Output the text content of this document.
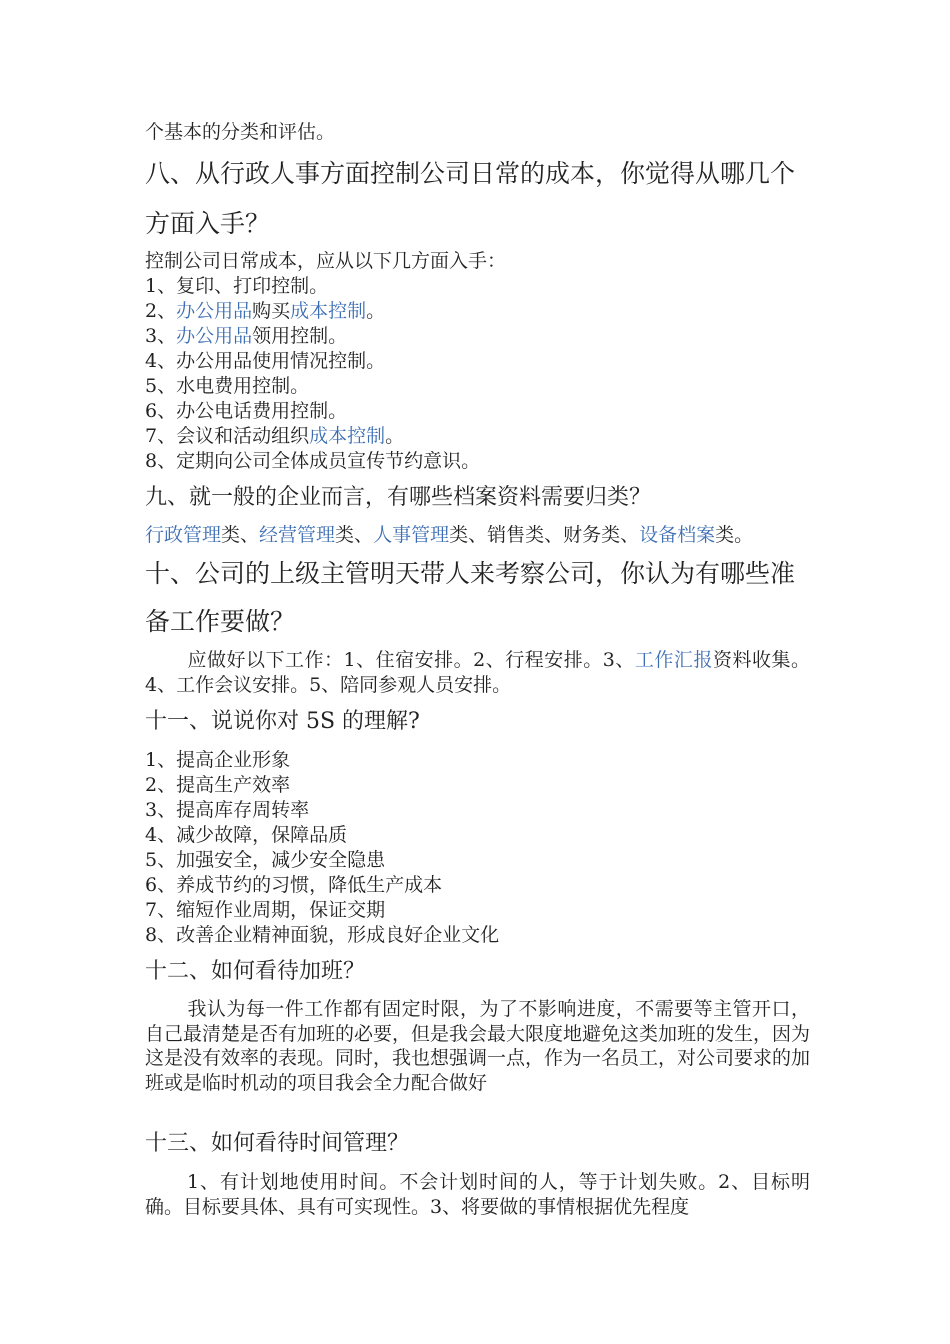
个基本的分类和评估。
八、从行政人事方面控制公司日常的成本，你觉得从哪几个
方面入手？
控制公司日常成本，应从以下几方面入手：
1、复印、打印控制。
2、办公用品购买成本控制。
3、办公用品领用控制。
4、办公用品使用情况控制。
5、水电费用控制。
6、办公电话费用控制。
7、会议和活动组织成本控制。
8、定期向公司全体成员宣传节约意识。
九、就一般的企业而言，有哪些档案资料需要归类？
行政管理类、经营管理类、人事管理类、销售类、财务类、设备档案类。
十、公司的上级主管明天带人来考察公司，你认为有哪些准
备工作要做？
应做好以下工作：1、住宿安排。2、行程安排。3、工作汇报资料收集。4、工作会议安排。5、陪同参观人员安排。
十一、说说你对 5S 的理解?
1、提高企业形象
2、提高生产效率
3、提高库存周转率
4、减少故障，保障品质
5、加强安全，减少安全隐患
6、养成节约的习惯，降低生产成本
7、缩短作业周期，保证交期
8、改善企业精神面貌，形成良好企业文化
十二、如何看待加班？
我认为每一件工作都有固定时限，为了不影响进度，不需要等主管开口，自己最清楚是否有加班的必要，但是我会最大限度地避免这类加班的发生，因为这是没有效率的表现。同时，我也想强调一点，作为一名员工，对公司要求的加班或是临时机动的项目我会全力配合做好
十三、如何看待时间管理？
1、有计划地使用时间。不会计划时间的人，等于计划失败。2、目标明确。目标要具体、具有可实现性。3、将要做的事情根据优先程度
